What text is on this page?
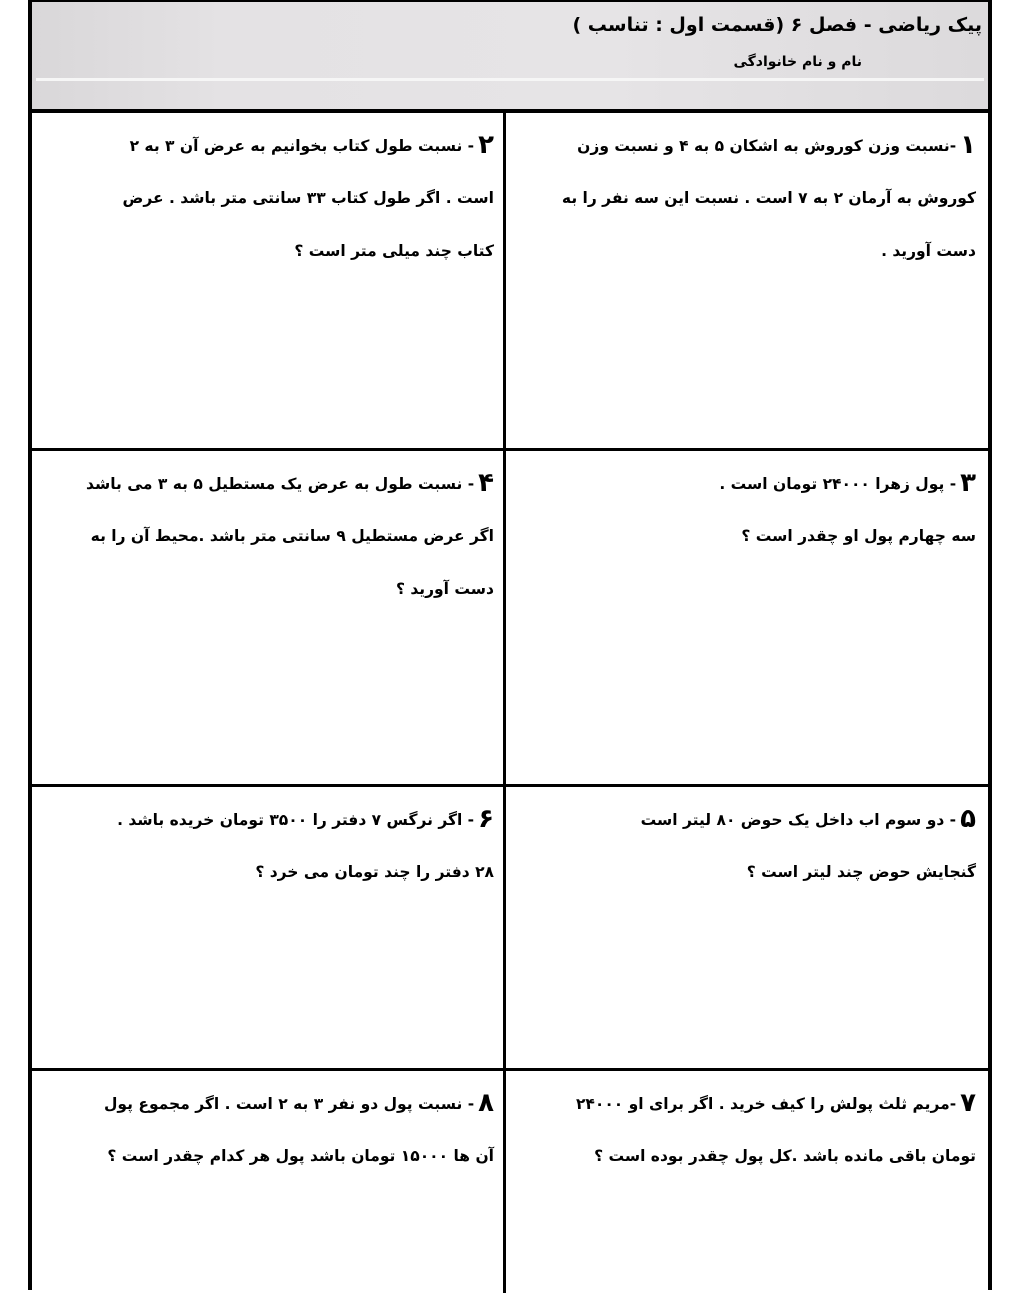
پیک ریاضی - فصل ۶ (قسمت اول : تناسب )
نام و نام خانوادگی
۱-نسبت وزن کوروش به اشکان ۵ به ۴ و نسبت وزن
کوروش به آرمان ۲ به ۷ است . نسبت این سه نفر را به
دست آورید .
۲- نسبت طول کتاب بخوانیم به عرض آن ۳ به ۲
است . اگر طول کتاب ۳۳ سانتی متر باشد . عرض
کتاب چند میلی متر است ؟
۳- پول زهرا ۲۴۰۰۰ تومان است .
سه چهارم پول او چقدر است ؟
۴- نسبت طول به عرض یک مستطیل ۵ به ۳ می باشد
اگر عرض مستطیل ۹ سانتی متر باشد .محیط آن را به
دست آورید ؟
۵- دو سوم اب داخل یک حوض ۸۰ لیتر است
گنجایش حوض چند لیتر است ؟
۶- اگر نرگس ۷ دفتر را ۳۵۰۰ تومان خریده باشد .
۲۸ دفتر را چند تومان می خرد ؟
۷-مریم ثلث پولش را کیف خرید . اگر برای او ۲۴۰۰۰
تومان باقی مانده باشد .کل پول چقدر بوده است ؟
۸- نسبت پول دو نفر ۳ به ۲ است . اگر مجموع پول
آن ها ۱۵۰۰۰ تومان باشد پول هر کدام چقدر است ؟
